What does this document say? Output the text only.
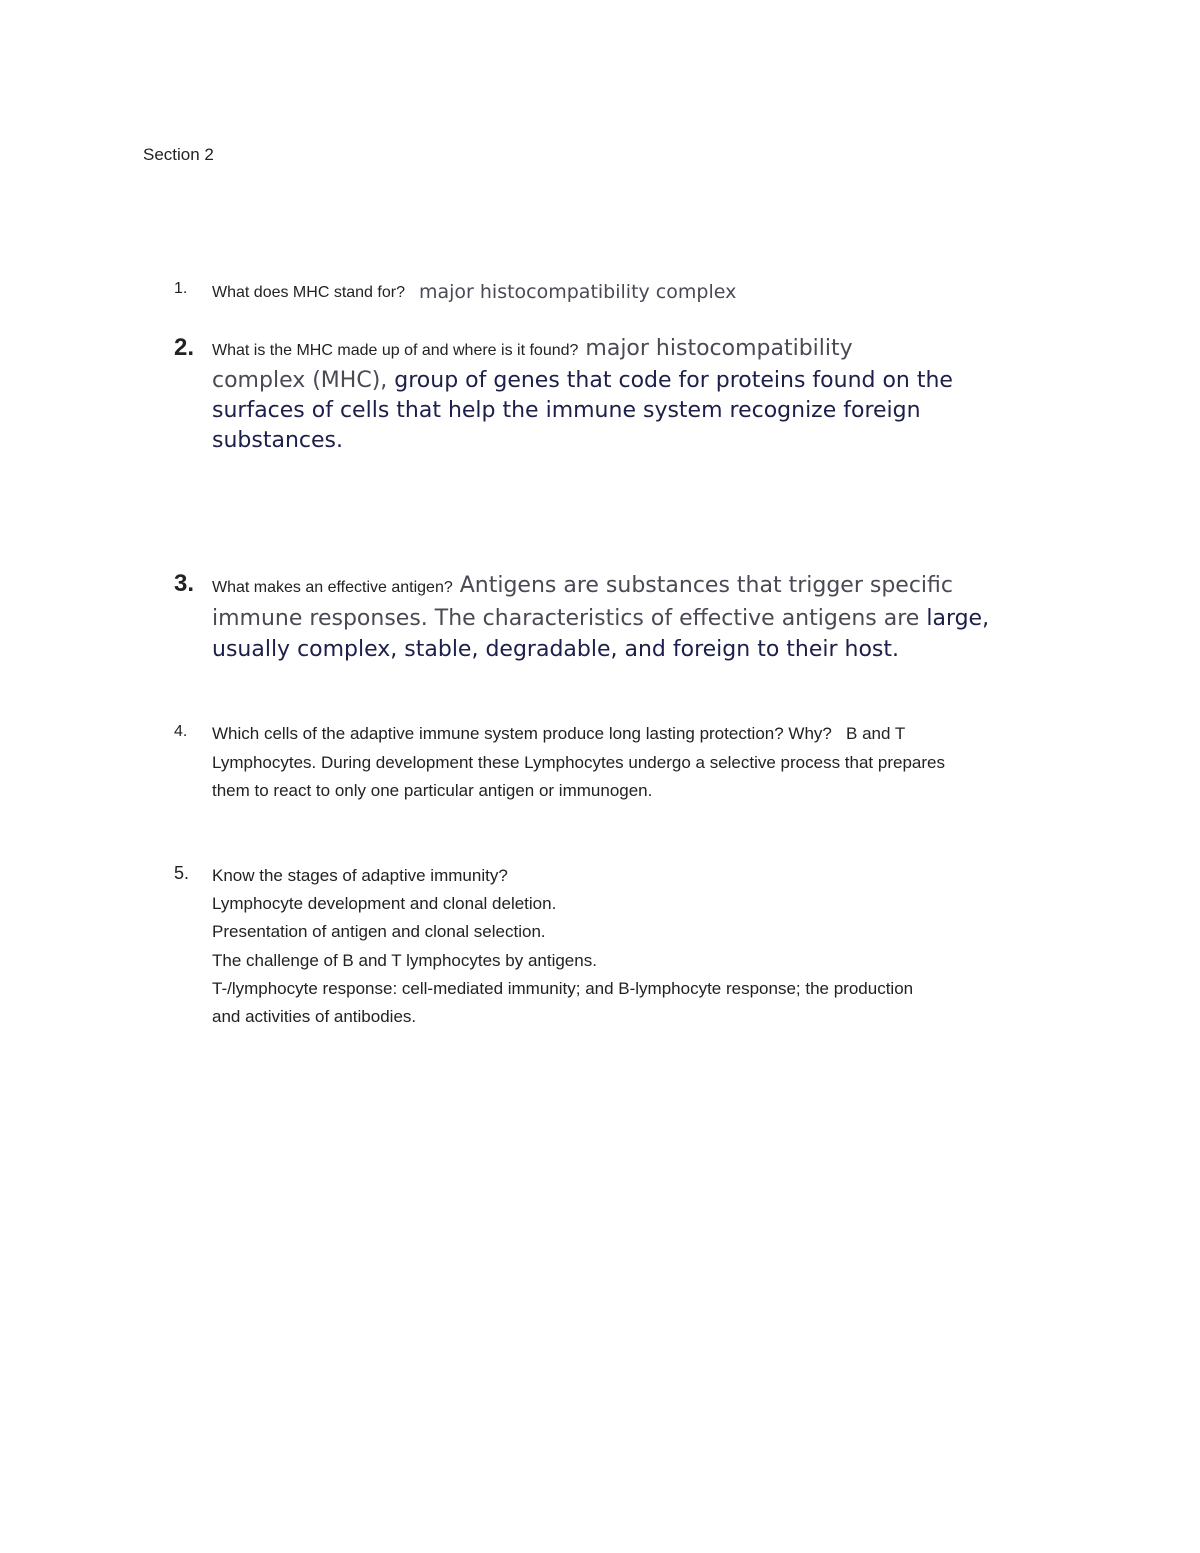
Section 2
1. What does MHC stand for? major histocompatibility complex
2. What is the MHC made up of and where is it found? major histocompatibility
complex (MHC), group of genes that code for proteins found on the
surfaces of cells that help the immune system recognize foreign
substances.
3. What makes an effective antigen? Antigens are substances that trigger specific
immune responses. The characteristics of effective antigens are large,
usually complex, stable, degradable, and foreign to their host.
4. Which cells of the adaptive immune system produce long lasting protection? Why?   B and T
Lymphocytes. During development these Lymphocytes undergo a selective process that prepares
them to react to only one particular antigen or immunogen.
5. Know the stages of adaptive immunity?
Lymphocyte development and clonal deletion.
Presentation of antigen and clonal selection.
The challenge of B and T lymphocytes by antigens.
T-/lymphocyte response: cell-mediated immunity; and B-lymphocyte response; the production
and activities of antibodies.
